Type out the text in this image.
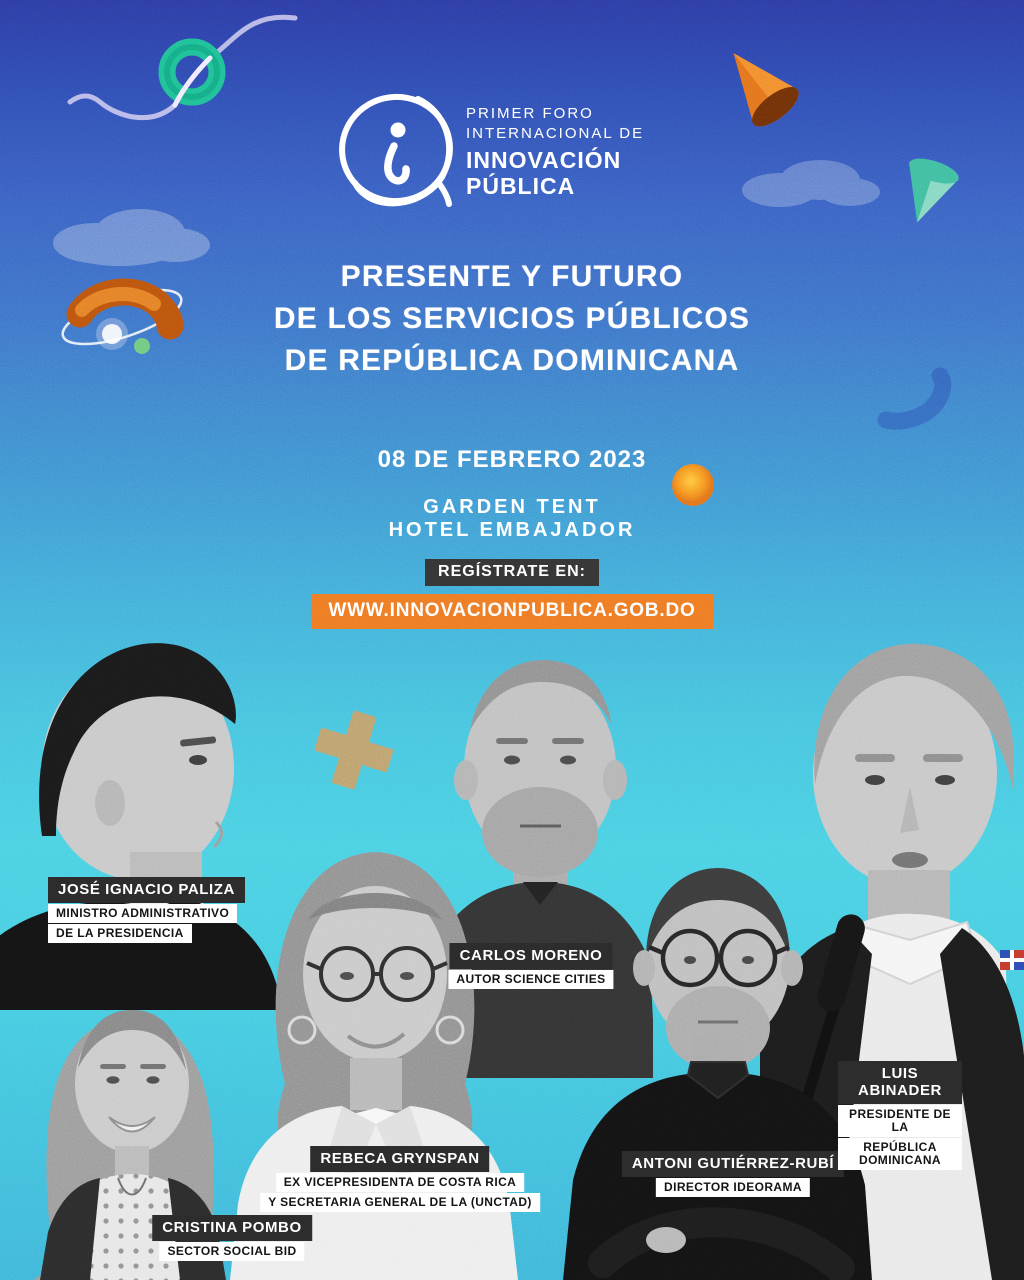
PRIMER FORO
INTERNACIONAL DE
INNOVACIÓN
PÚBLICA
PRESENTE Y FUTURO
DE LOS SERVICIOS PÚBLICOS
DE REPÚBLICA DOMINICANA
08 DE FEBRERO 2023
GARDEN TENT
HOTEL EMBAJADOR
REGÍSTRATE EN:
WWW.INNOVACIONPUBLICA.GOB.DO
JOSÉ IGNACIO PALIZA
MINISTRO ADMINISTRATIVO
DE LA PRESIDENCIA
CARLOS MORENO
AUTOR SCIENCE CITIES
REBECA GRYNSPAN
EX VICEPRESIDENTA DE COSTA RICA
Y SECRETARIA GENERAL DE LA (UNCTAD)
ANTONI GUTIÉRREZ-RUBÍ
DIRECTOR IDEORAMA
LUIS ABINADER
PRESIDENTE DE LA
REPÚBLICA DOMINICANA
CRISTINA POMBO
SECTOR SOCIAL BID
